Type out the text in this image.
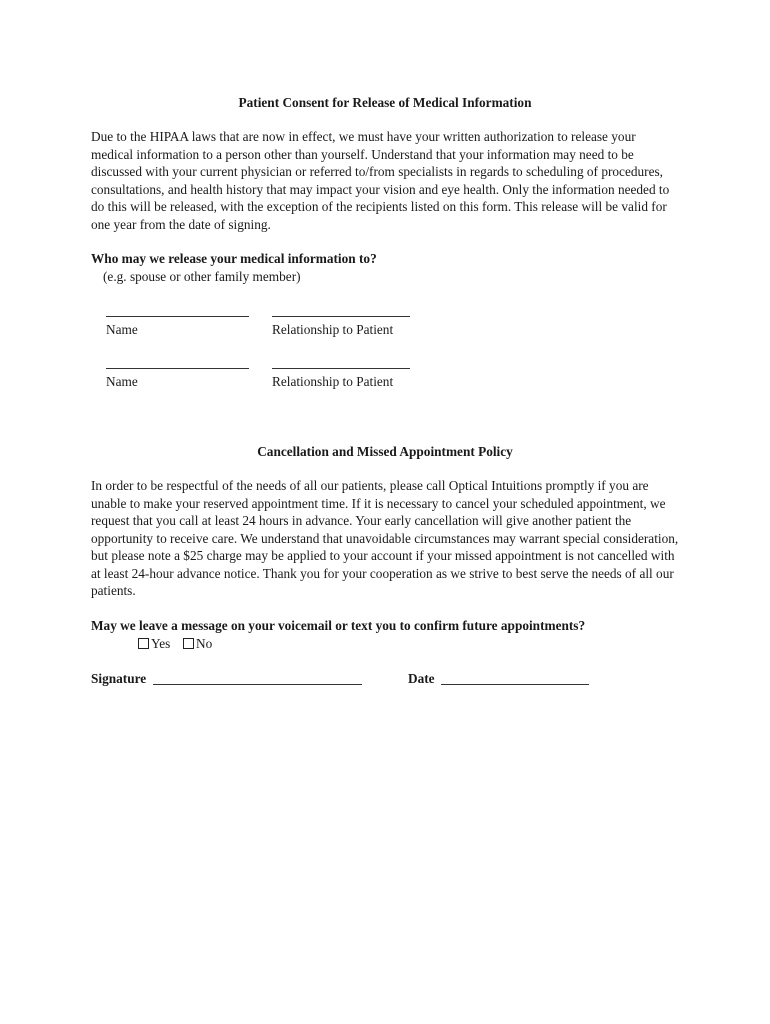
Patient Consent for Release of Medical Information

Due to the HIPAA laws that are now in effect, we must have your written authorization to release your medical information to a person other than yourself. Understand that your information may need to be discussed with your current physician or referred to/from specialists in regards to scheduling of procedures, consultations, and health history that may impact your vision and eye health. Only the information needed to do this will be released, with the exception of the recipients listed on this form. This release will be valid for one year from the date of signing.

Who may we release your medical information to?
(e.g. spouse or other family member)
Name	Relationship to Patient
Name	Relationship to Patient
Cancellation and Missed Appointment Policy

In order to be respectful of the needs of all our patients, please call Optical Intuitions promptly if you are unable to make your reserved appointment time. If it is necessary to cancel your scheduled appointment, we request that you call at least 24 hours in advance. Your early cancellation will give another patient the opportunity to receive care. We understand that unavoidable circumstances may warrant special consideration, but please note a $25 charge may be applied to your account if your missed appointment is not cancelled with at least 24-hour advance notice. Thank you for your cooperation as we strive to best serve the needs of all our patients.

May we leave a message on your voicemail or text you to confirm future appointments?
Yes	No
Signature	Date
